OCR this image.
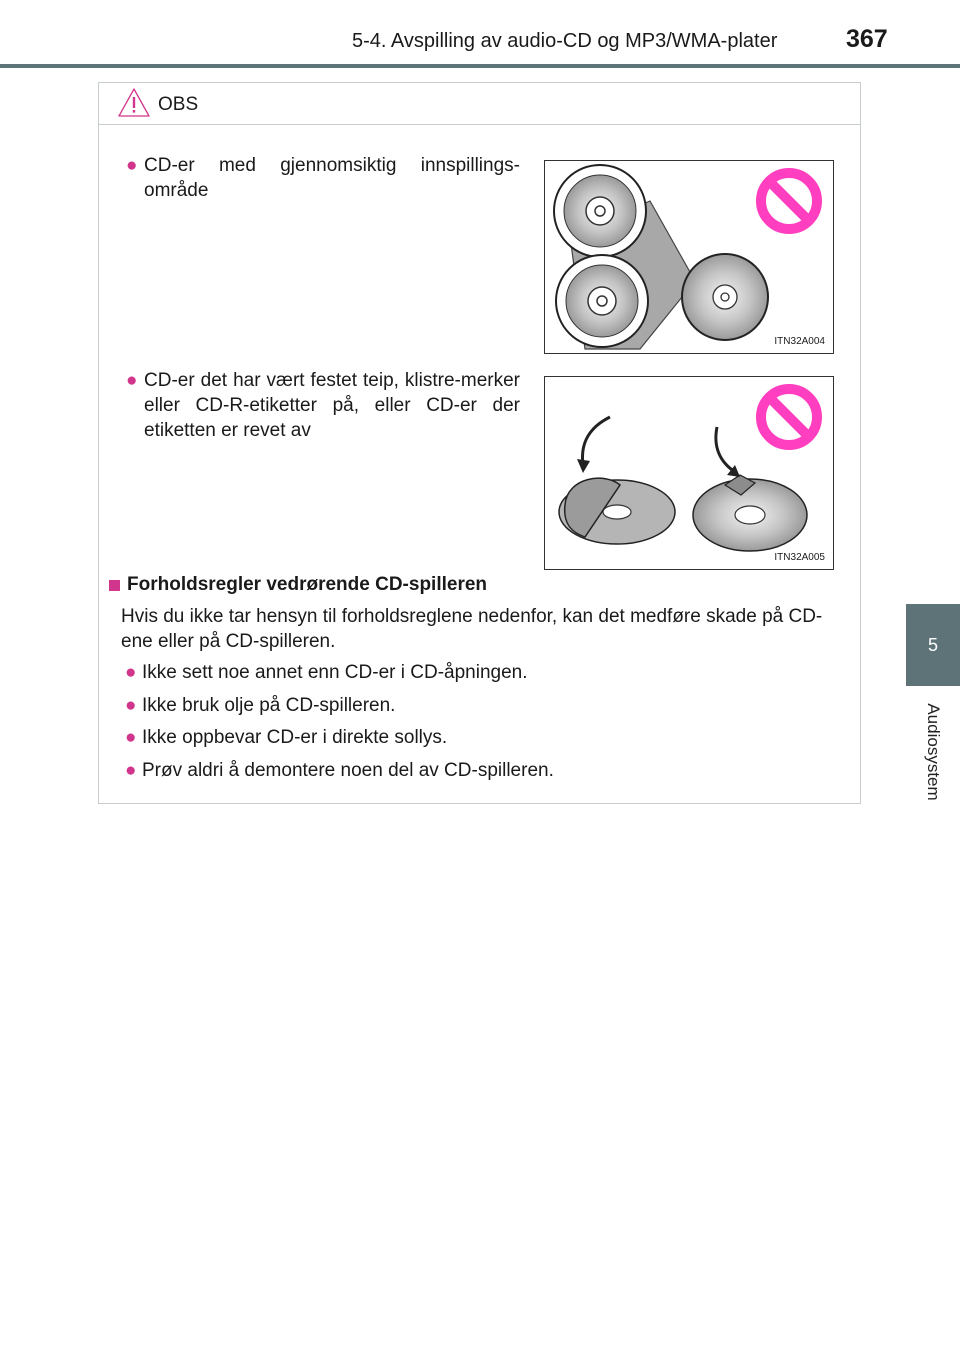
5-4. Avspilling av audio-CD og MP3/WMA-plater	367
5
Audiosystem
OBS
● CD-er med gjennomsiktig innspillings-område
● CD-er det har vært festet teip, klistre-merker eller CD-R-etiketter på, eller CD-er der etiketten er revet av
ITN32A004
ITN32A005
Forholdsregler vedrørende CD-spilleren
Hvis du ikke tar hensyn til forholdsreglene nedenfor, kan det medføre skade på CD-ene eller på CD-spilleren.
● Ikke sett noe annet enn CD-er i CD-åpningen.
● Ikke bruk olje på CD-spilleren.
● Ikke oppbevar CD-er i direkte sollys.
● Prøv aldri å demontere noen del av CD-spilleren.
